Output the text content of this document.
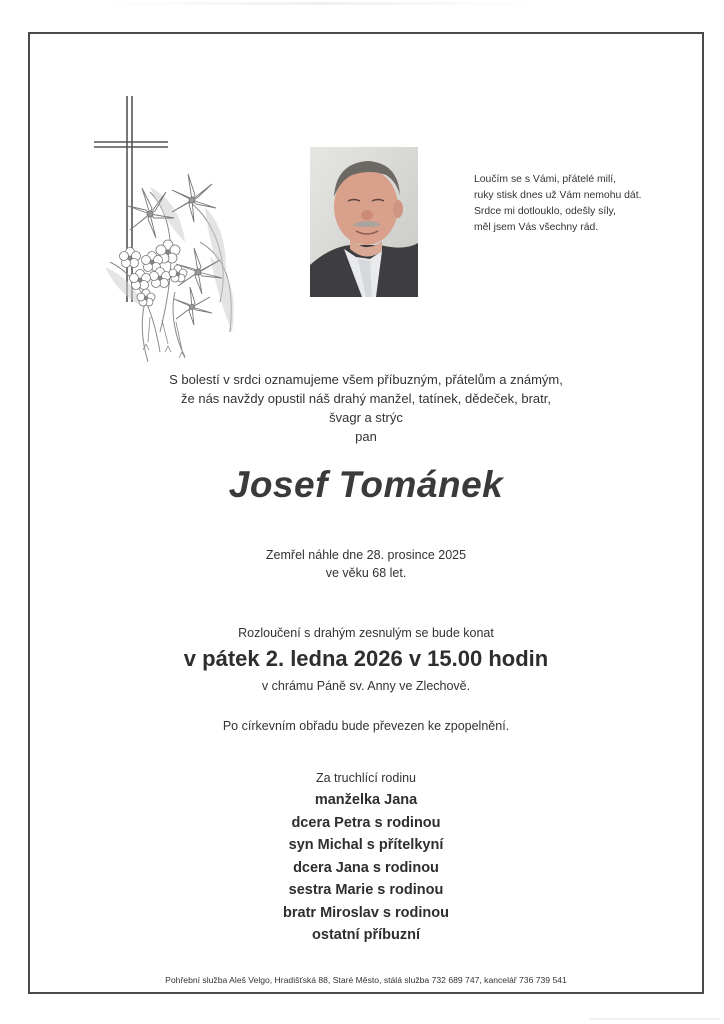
Loučím se s Vámi, přátelé milí,
ruky stisk dnes už Vám nemohu dát.
Srdce mi dotlouklo, odešly síly,
měl jsem Vás všechny rád.
S bolestí v srdci oznamujeme všem příbuzným, přátelům a známým,
že nás navždy opustil náš drahý manžel, tatínek, dědeček, bratr,
švagr a strýc
pan
Josef Tománek
Zemřel náhle dne 28. prosince 2025
ve věku 68 let.
Rozloučení s drahým zesnulým se bude konat
v pátek 2. ledna 2026 v 15.00 hodin
v chrámu Páně sv. Anny ve Zlechově.
Po církevním obřadu bude převezen ke zpopelnění.
Za truchlící rodinu
manželka Jana
dcera Petra s rodinou
syn Michal s přítelkyní
dcera Jana s rodinou
sestra Marie s rodinou
bratr Miroslav s rodinou
ostatní příbuzní
Pohřební služba Aleš Velgo, Hradišťská 88, Staré Město, stálá služba 732 689 747, kancelář 736 739 541
